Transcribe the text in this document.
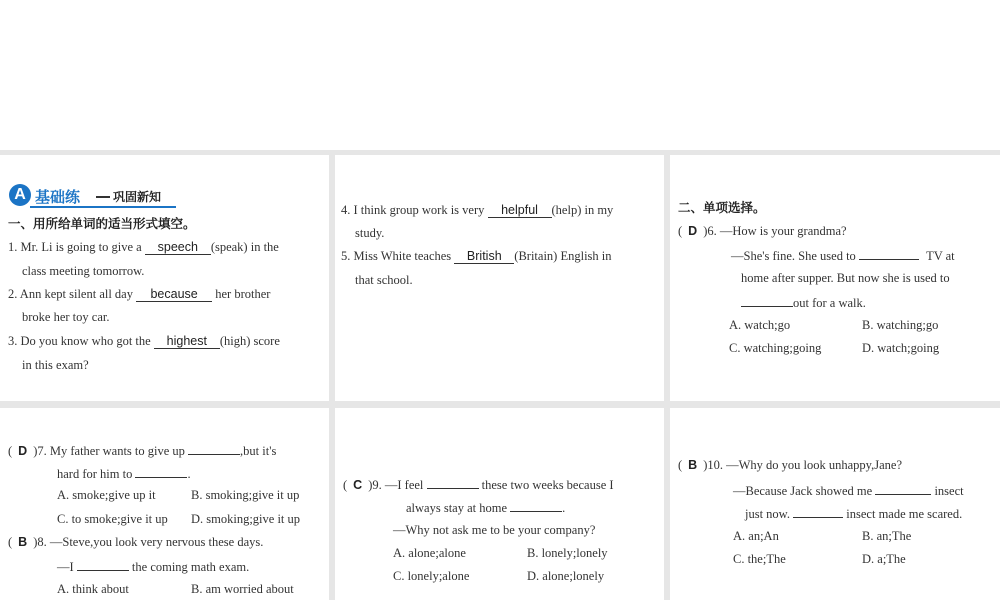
A 基础练	巩固新知
一、用所给单词的适当形式填空。
1. Mr. Li is going to give a speech (speak) in the
class meeting tomorrow.
2. Ann kept silent all day because her brother
broke her toy car.
3. Do you know who got the highest (high) score
in this exam?
4. I think group work is very helpful (help) in my
study.
5. Miss White teaches British (Britain) English in
that school.
二、单项选择。
( D )6. —How is your grandma?
—She's fine. She used to	TV at
home after supper. But now she is used to
out for a walk.
A. watch;go	B. watching;go
C. watching;going	D. watch;going
( D )7. My father wants to give up	,but it's
hard for him to	.
A. smoke;give up it	B. smoking;give it up
C. to smoke;give it up D. smoking;give it up
( B )8. —Steve,you look very nervous these days.
—I	the coming math exam.
A. think about	B. am worried about
( C )9. —I feel	these two weeks because I
always stay at home	.
—Why not ask me to be your company?
A. alone;alone	B. lonely;lonely
C. lonely;alone	D. alone;lonely
( B )10. —Why do you look unhappy,Jane?
—Because Jack showed me	insect
just now.	insect made me scared.
A. an;An	B. an;The
C. the;The	D. a;The
